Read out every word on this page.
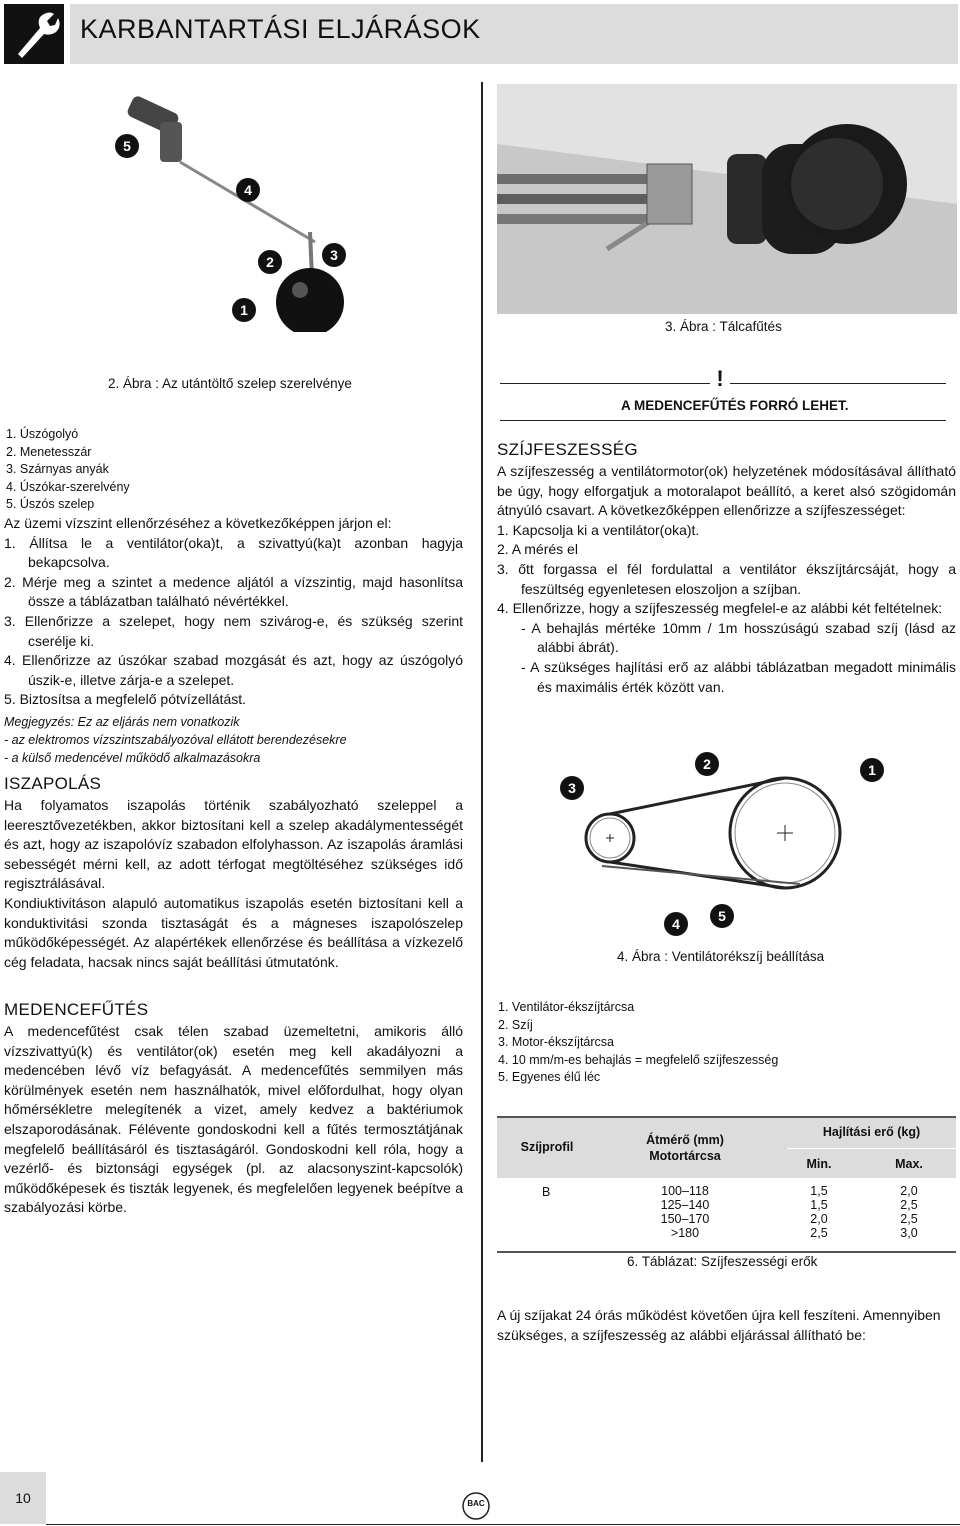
KARBANTARTÁSI ELJÁRÁSOK
5
4
2	3
1
2. Ábra : Az utántöltő szelep szerelvénye
1. Úszógolyó
2. Menetesszár
3. Szárnyas anyák
4. Úszókar-szerelvény
5. Úszós szelep

Az üzemi vízszint ellenőrzéséhez a következőképpen járjon el:

1. Állítsa le a ventilátor(oka)t, a szivattyú(ka)t azonban hagyja bekapcsolva.

2. Mérje meg a szintet a medence aljától a vízszintig, majd hasonlítsa össze a táblázatban található névértékkel.

3. Ellenőrizze a szelepet, hogy nem szivárog-e, és szükség szerint cserélje ki.

4. Ellenőrizze az úszókar szabad mozgását és azt, hogy az úszógolyó úszik-e, illetve zárja-e a szelepet.

5. Biztosítsa a megfelelő pótvízellátást.

Megjegyzés: Ez az eljárás nem vonatkozik

- az elektromos vízszintszabályozóval ellátott berendezésekre

- a külső medencével működő alkalmazásokra

ISZAPOLÁS

Ha folyamatos iszapolás történik szabályozható szeleppel a leeresztővezetékben, akkor biztosítani kell a szelep akadálymentességét és azt, hogy az iszapolóvíz szabadon elfolyhasson. Az iszapolás áramlási sebességét mérni kell, az adott térfogat megtöltéséhez szükséges idő regisztrálásával.

Kondiuktivitáson alapuló automatikus iszapolás esetén biztosítani kell a konduktivitási szonda tisztaságát és a mágneses iszapolószelep működőképességét. Az alapértékek ellenőrzése és beállítása a vízkezelő cég feladata, hacsak nincs saját beállítási útmutatónk.

MEDENCEFŰTÉS

A medencefűtést csak télen szabad üzemeltetni, amikoris álló vízszivattyú(k) és ventilátor(ok) esetén meg kell akadályozni a medencében lévő víz befagyását. A medencefűtés semmilyen más körülmények esetén nem használhatók, mivel előfordulhat, hogy olyan hőmérsékletre melegítenék a vizet, amely kedvez a baktériumok elszaporodásának. Félévente gondoskodni kell a fűtés termosztátjának megfelelő beállításáról és tisztaságáról. Gondoskodni kell róla, hogy a vezérlő- és biztonsági egységek (pl. az alacsonyszint-kapcsolók) működőképesek és tiszták legyenek, és megfelelően legyenek beépítve a szabályozási körbe.

3. Ábra : Tálcafűtés
!
A MEDENCEFŰTÉS FORRÓ LEHET.
SZÍJFESZESSÉG

A szíjfeszesség a ventilátormotor(ok) helyzetének módosításával állítható be úgy, hogy elforgatjuk a motoralapot beállító, a keret alsó szögidomán átnyúló csavart. A következőképpen ellenőrizze a szíjfeszességet:

1. Kapcsolja ki a ventilátor(oka)t.

2. A mérés el

3. őtt forgassa el fél fordulattal a ventilátor ékszíjtárcsáját, hogy a feszültség egyenletesen eloszoljon a szíjban.

4. Ellenőrizze, hogy a szíjfeszesség megfelel-e az alábbi két feltételnek:

- A behajlás mértéke 10mm / 1m hosszúságú szabad szíj (lásd az alábbi ábrát).

- A szükséges hajlítási erő az alábbi táblázatban megadott minimális és maximális érték között van.

3
2	1
4	5
4. Ábra : Ventilátorékszíj beállítása
1. Ventilátor-ékszíjtárcsa
2. Szíj
3. Motor-ékszíjtárcsa
4. 10 mm/m-es behajlás = megfelelő szíjfeszesség
5. Egyenes élű léc
Szíjprofil	Átmérő (mm) Motortárcsa
Hajlítási erő (kg)
Min.	Max.
B	100–118		1,5		2,0
125–140		1,5		2,5
150–170		2,0		2,5
>180		2,5		3,0
6. Táblázat: Szíjfeszességi erők

A új szíjakat 24 órás működést követően újra kell feszíteni. Amennyiben szükséges, a szíjfeszesség az alábbi eljárással állítható be:

10	BAC
